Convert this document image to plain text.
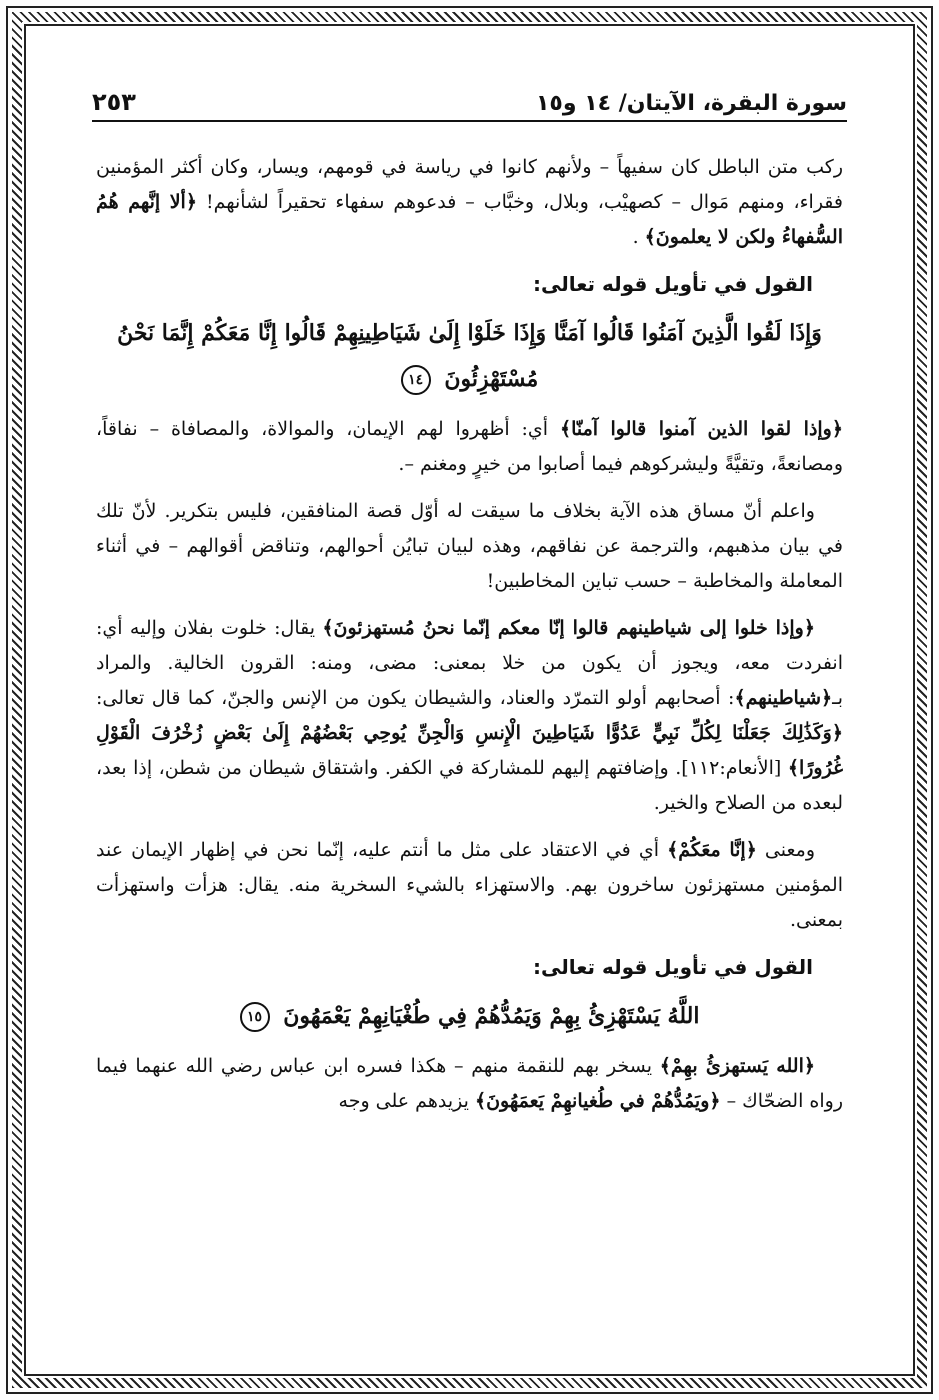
سورة البقرة، الآيتان/ ١٤ و١٥
٢٥٣

ركب متن الباطل كان سفيهاً – ولأنهم كانوا في رياسة في قومهم، ويسار، وكان أكثر المؤمنين فقراء، ومنهم مَوال – كصهيْب، وبلال، وخبَّاب – فدعوهم سفهاء تحقيراً لشأنهم! ﴿ألا إنَّهم هُمُ السُّفهاءُ ولكن لا يعلمونَ﴾ .

القول في تأويل قوله تعالى:
وَإِذَا لَقُوا الَّذِينَ آمَنُوا قَالُوا آمَنَّا وَإِذَا خَلَوْا إِلَىٰ شَيَاطِينِهِمْ قَالُوا إِنَّا مَعَكُمْ إِنَّمَا نَحْنُ مُسْتَهْزِئُونَ ١٤

﴿وإذا لقوا الذين آمنوا قالوا آمنّا﴾ أي: أظهروا لهم الإيمان، والموالاة، والمصافاة – نفاقاً، ومصانعةً، وتقيَّةً وليشركوهم فيما أصابوا من خيرٍ ومغنم –.

واعلم أنّ مساق هذه الآية بخلاف ما سيقت له أوّل قصة المنافقين، فليس بتكرير. لأنّ تلك في بيان مذهبهم، والترجمة عن نفاقهم، وهذه لبيان تبايُن أحوالهم، وتناقض أقوالهم – في أثناء المعاملة والمخاطبة – حسب تباين المخاطبين!

﴿وإذا خلوا إلى شياطينهم قالوا إنّا معكم إنّما نحنُ مُستهزئونَ﴾ يقال: خلوت بفلان وإليه أي: انفردت معه، ويجوز أن يكون من خلا بمعنى: مضى، ومنه: القرون الخالية. والمراد بـ﴿شياطينهم﴾: أصحابهم أولو التمرّد والعناد، والشيطان يكون من الإنس والجنّ، كما قال تعالى: ﴿وَكَذَٰلِكَ جَعَلْنَا لِكُلِّ نَبِيٍّ عَدُوًّا شَيَاطِينَ الْإِنسِ وَالْجِنِّ يُوحِي بَعْضُهُمْ إِلَىٰ بَعْضٍ زُخْرُفَ الْقَوْلِ غُرُورًا﴾ [الأنعام:١١٢]. وإضافتهم إليهم للمشاركة في الكفر. واشتقاق شيطان من شطن، إذا بعد، لبعده من الصلاح والخير.

ومعنى ﴿إنَّا معَكُمْ﴾ أي في الاعتقاد على مثل ما أنتم عليه، إنّما نحن في إظهار الإيمان عند المؤمنين مستهزئون ساخرون بهم. والاستهزاء بالشيء السخرية منه. يقال: هزأت واستهزأت بمعنى.

القول في تأويل قوله تعالى:
اللَّهُ يَسْتَهْزِئُ بِهِمْ وَيَمُدُّهُمْ فِي طُغْيَانِهِمْ يَعْمَهُونَ ١٥

﴿الله يَستهزئُ بهِمْ﴾ يسخر بهم للنقمة منهم – هكذا فسره ابن عباس رضي الله عنهما فيما رواه الضحّاك – ﴿ويَمُدُّهُمْ في طُغيانهِمْ يَعمَهُونَ﴾ يزيدهم على وجه
